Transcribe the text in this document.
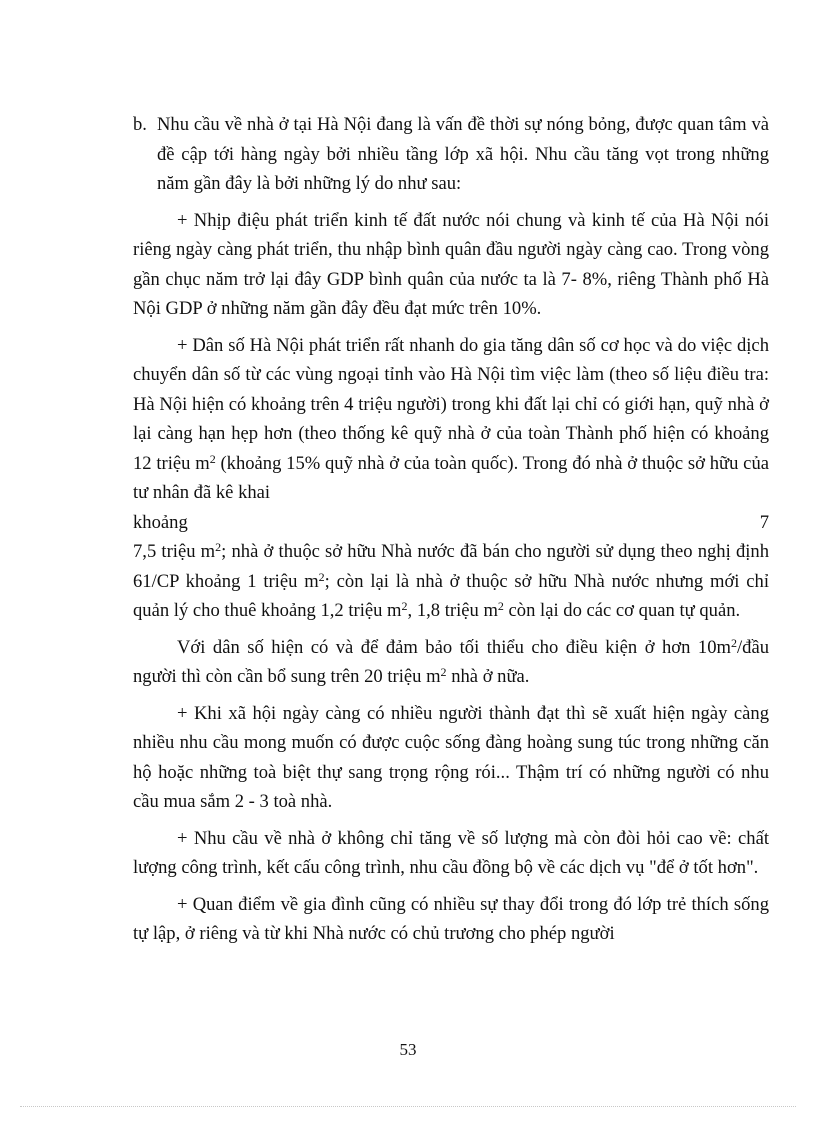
b. Nhu cầu về nhà ở tại Hà Nội đang là vấn đề thời sự nóng bỏng, được quan tâm và đề cập tới hàng ngày bởi nhiều tầng lớp xã hội. Nhu cầu tăng vọt trong những năm gần đây là bởi những lý do như sau:

+ Nhịp điệu phát triển kinh tế đất nước nói chung và kinh tế của Hà Nội nói riêng ngày càng phát triển, thu nhập bình quân đầu người ngày càng cao. Trong vòng gần chục năm trở lại đây GDP bình quân của nước ta là 7- 8%, riêng Thành phố Hà Nội GDP ở những năm gần đây đều đạt mức trên 10%.

+ Dân số Hà Nội phát triển rất nhanh do gia tăng dân số cơ học và do việc dịch chuyển dân số từ các vùng ngoại tỉnh vào Hà Nội tìm việc làm (theo số liệu điều tra: Hà Nội hiện có khoảng trên 4 triệu người) trong khi đất lại chỉ có giới hạn, quỹ nhà ở lại càng hạn hẹp hơn (theo thống kê quỹ nhà ở của toàn Thành phố hiện có khoảng 12 triệu $m^2$ (khoảng 15% quỹ nhà ở của toàn quốc). Trong đó nhà ở thuộc sở hữu của tư nhân đã kê khai

khoảng	7

7,5 triệu $m^2$; nhà ở thuộc sở hữu Nhà nước đã bán cho người sử dụng theo nghị định 61/CP khoảng 1 triệu $m^2$; còn lại là nhà ở thuộc sở hữu Nhà nước nhưng mới chỉ quản lý cho thuê khoảng 1,2 triệu $m^2$, 1,8 triệu $m^2$ còn lại do các cơ quan tự quản.

Với dân số hiện có và để đảm bảo tối thiểu cho điều kiện ở hơn $10m^2$/đầu người thì còn cần bổ sung trên 20 triệu $m^2$ nhà ở nữa.

+ Khi xã hội ngày càng có nhiều người thành đạt thì sẽ xuất hiện ngày càng nhiều nhu cầu mong muốn có được cuộc sống đàng hoàng sung túc trong những căn hộ hoặc những toà biệt thự sang trọng rộng rói... Thậm trí có những người có nhu cầu mua sắm 2 - 3 toà nhà.

+ Nhu cầu về nhà ở không chỉ tăng về số lượng mà còn đòi hỏi cao về: chất lượng công trình, kết cấu công trình, nhu cầu đồng bộ về các dịch vụ "để ở tốt hơn".

+ Quan điểm về gia đình cũng có nhiều sự thay đổi trong đó lớp trẻ thích sống tự lập, ở riêng và từ khi Nhà nước có chủ trương cho phép người

53
